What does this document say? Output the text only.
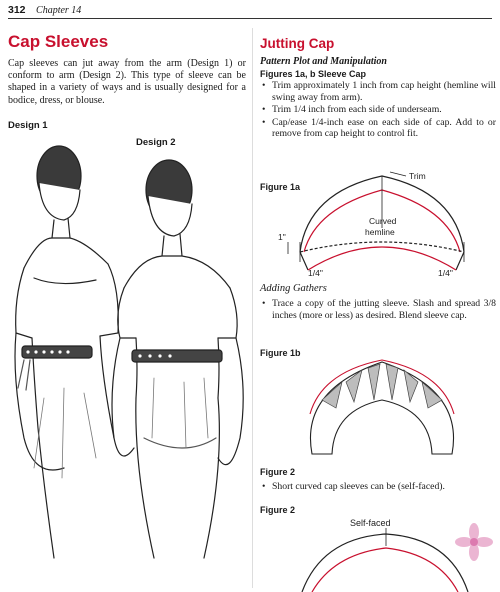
312 Chapter 14
Cap Sleeves

Cap sleeves can jut away from the arm (Design 1) or conform to arm (Design 2). This type of sleeve can be shaped in a variety of ways and is usually designed for a bodice, dress, or blouse.

Design 1
Design 2
Jutting Cap

Pattern Plot and Manipulation

Figures 1a, b Sleeve Cap

• Trim approximately 1 inch from cap height (hemline will swing away from arm).
• Trim 1/4 inch from each side of underseam.
• Cap/ease 1/4-inch ease on each side of cap. Add to or remove from cap height to control fit.
Figure 1a
Trim
Curved
hemline
1"
1/4"	1/4"
Adding Gathers
• Trace a copy of the jutting sleeve. Slash and spread 3/8 inches (more or less) as desired. Blend sleeve cap.
Figure 1b
Figure 2
• Short curved cap sleeves can be (self-faced).
Figure 2
Self-faced
